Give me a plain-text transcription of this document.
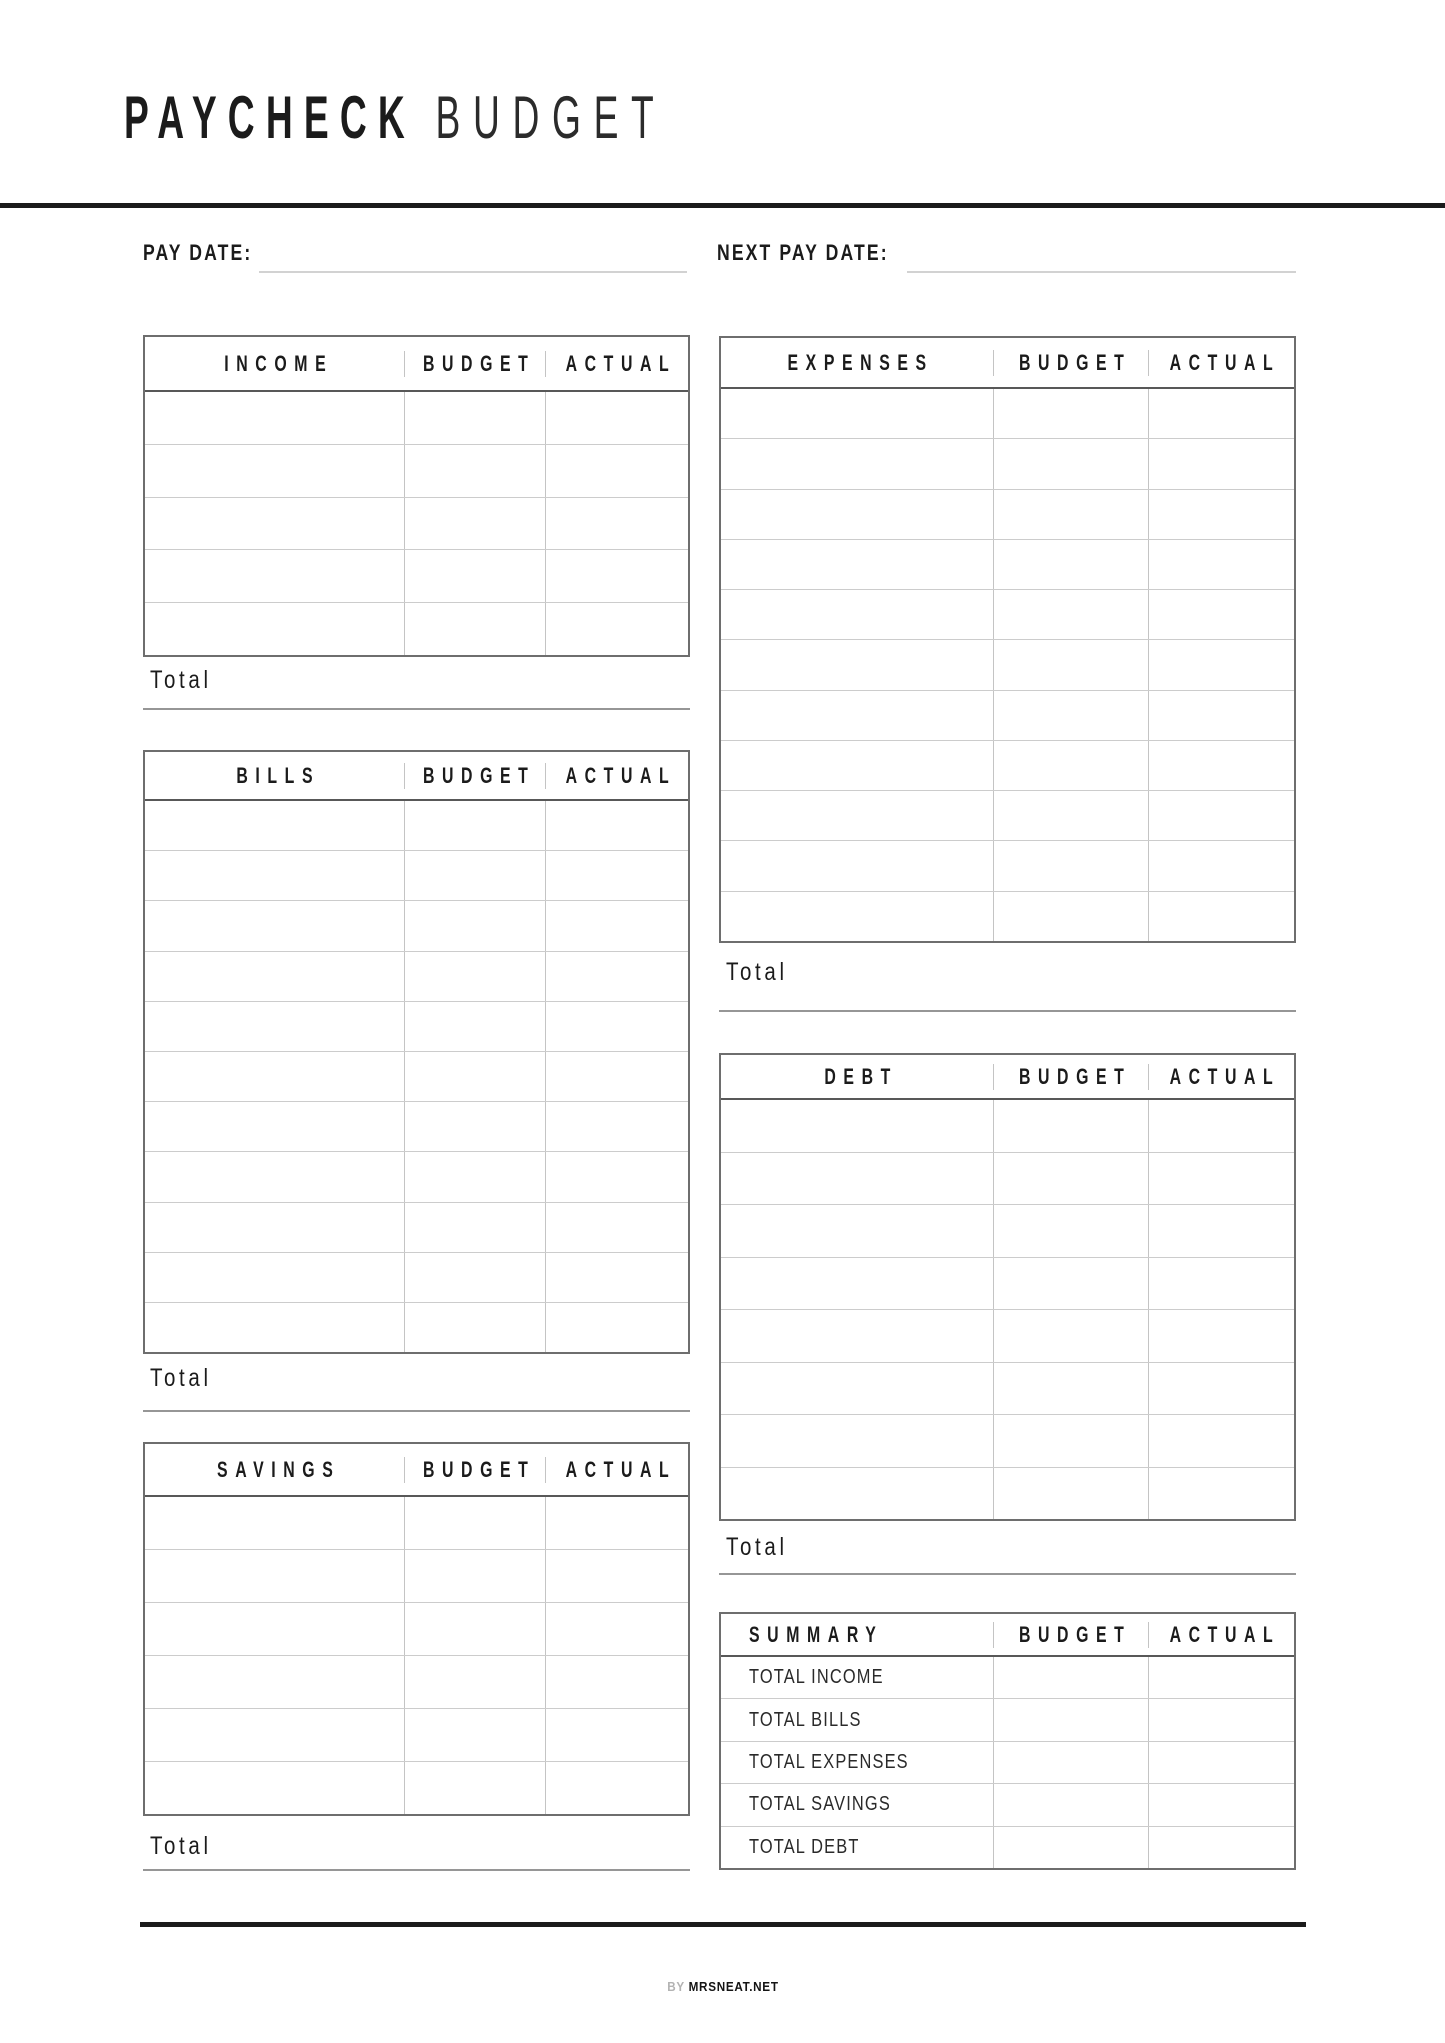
PAYCHECK BUDGET
PAY DATE:	NEXT PAY DATE:
INCOME	BUDGET	ACTUAL
BILLS	BUDGET	ACTUAL
SAVINGS	BUDGET	ACTUAL
EXPENSES	BUDGET	ACTUAL
DEBT	BUDGET	ACTUAL
SUMMARY	BUDGET	ACTUAL
TOTAL INCOME
TOTAL BILLS
TOTAL EXPENSES
TOTAL SAVINGS
TOTAL DEBT
Total
Total
Total
Total
Total
BY MRSNEAT.NET
